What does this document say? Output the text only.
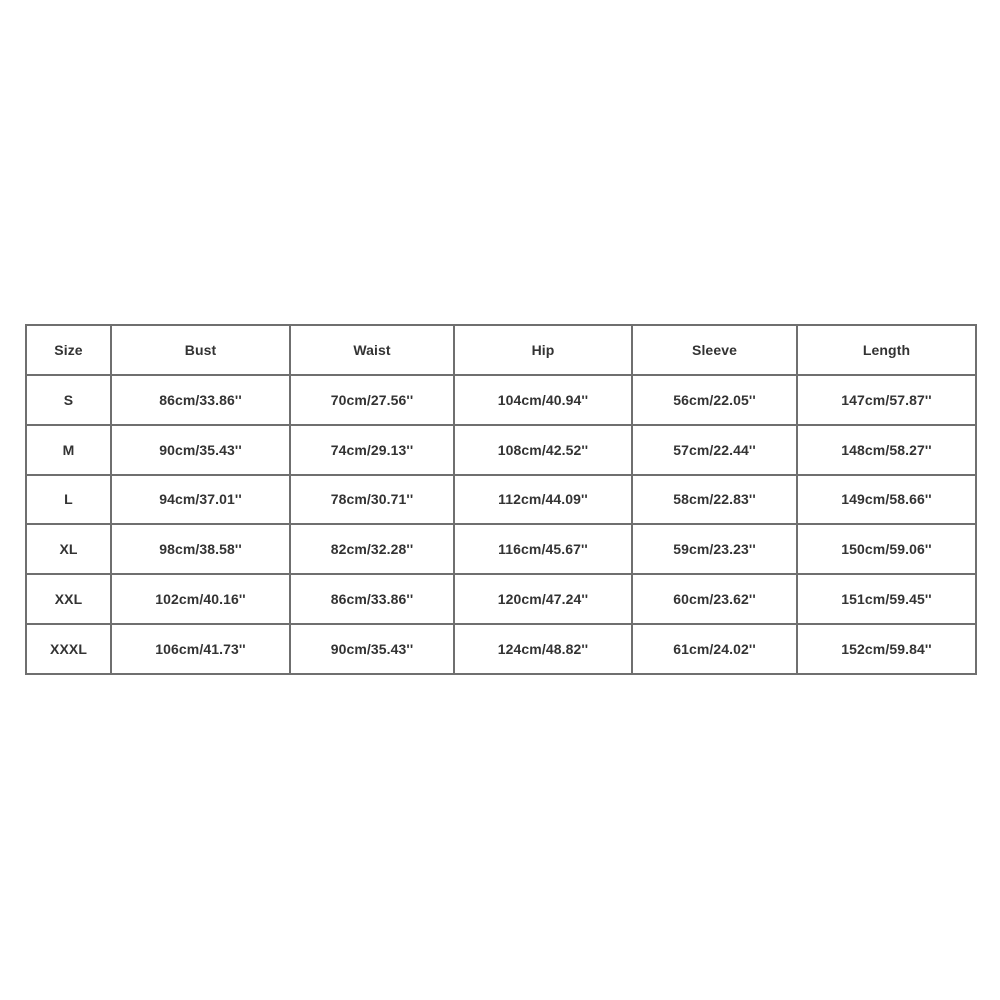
Size	Bust	Waist	Hip	Sleeve	Length
S	86cm/33.86''	70cm/27.56''	104cm/40.94''	56cm/22.05''	147cm/57.87''
M	90cm/35.43''	74cm/29.13''	108cm/42.52''	57cm/22.44''	148cm/58.27''
L	94cm/37.01''	78cm/30.71''	112cm/44.09''	58cm/22.83''	149cm/58.66''
XL	98cm/38.58''	82cm/32.28''	116cm/45.67''	59cm/23.23''	150cm/59.06''
XXL	102cm/40.16''	86cm/33.86''	120cm/47.24''	60cm/23.62''	151cm/59.45''
XXXL	106cm/41.73''	90cm/35.43''	124cm/48.82''	61cm/24.02''	152cm/59.84''
